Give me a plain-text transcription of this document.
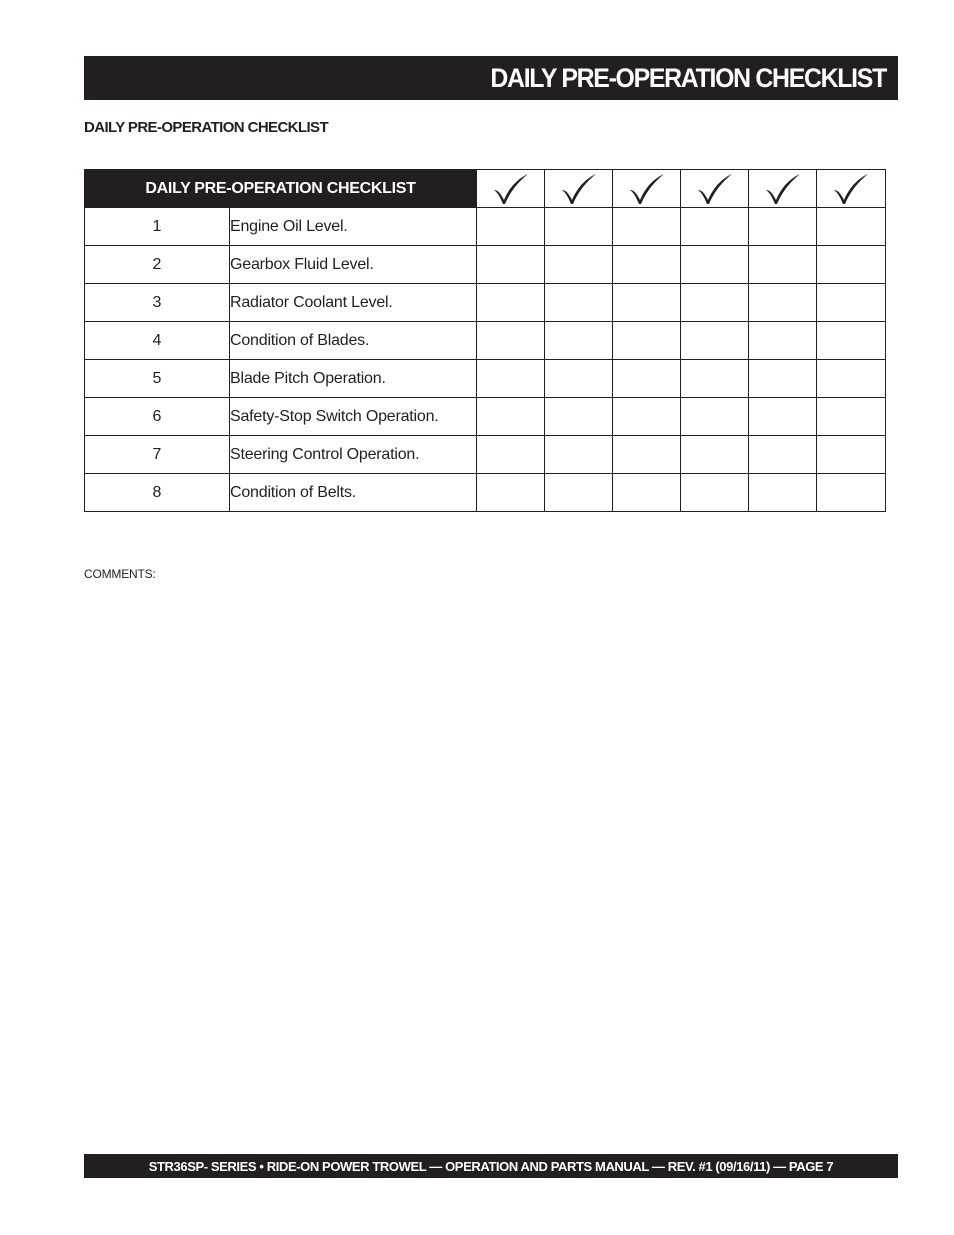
DAILY PRE-OPERATION CHECKLIST
DAILY PRE-OPERATION CHECKLIST
DAILY PRE-OPERATION CHECKLIST	

1	Engine Oil Level.						
2	Gearbox Fluid Level.						
3	Radiator Coolant Level.						
4	Condition of Blades.						
5	Blade Pitch Operation.						
6	Safety-Stop Switch Operation.						
7	Steering Control Operation.						
8	Condition of Belts.						
COMMENTS:
STR36SP- SERIES • RIDE-ON POWER TROWEL — OPERATION AND PARTS MANUAL — REV. #1 (09/16/11) — PAGE 7
